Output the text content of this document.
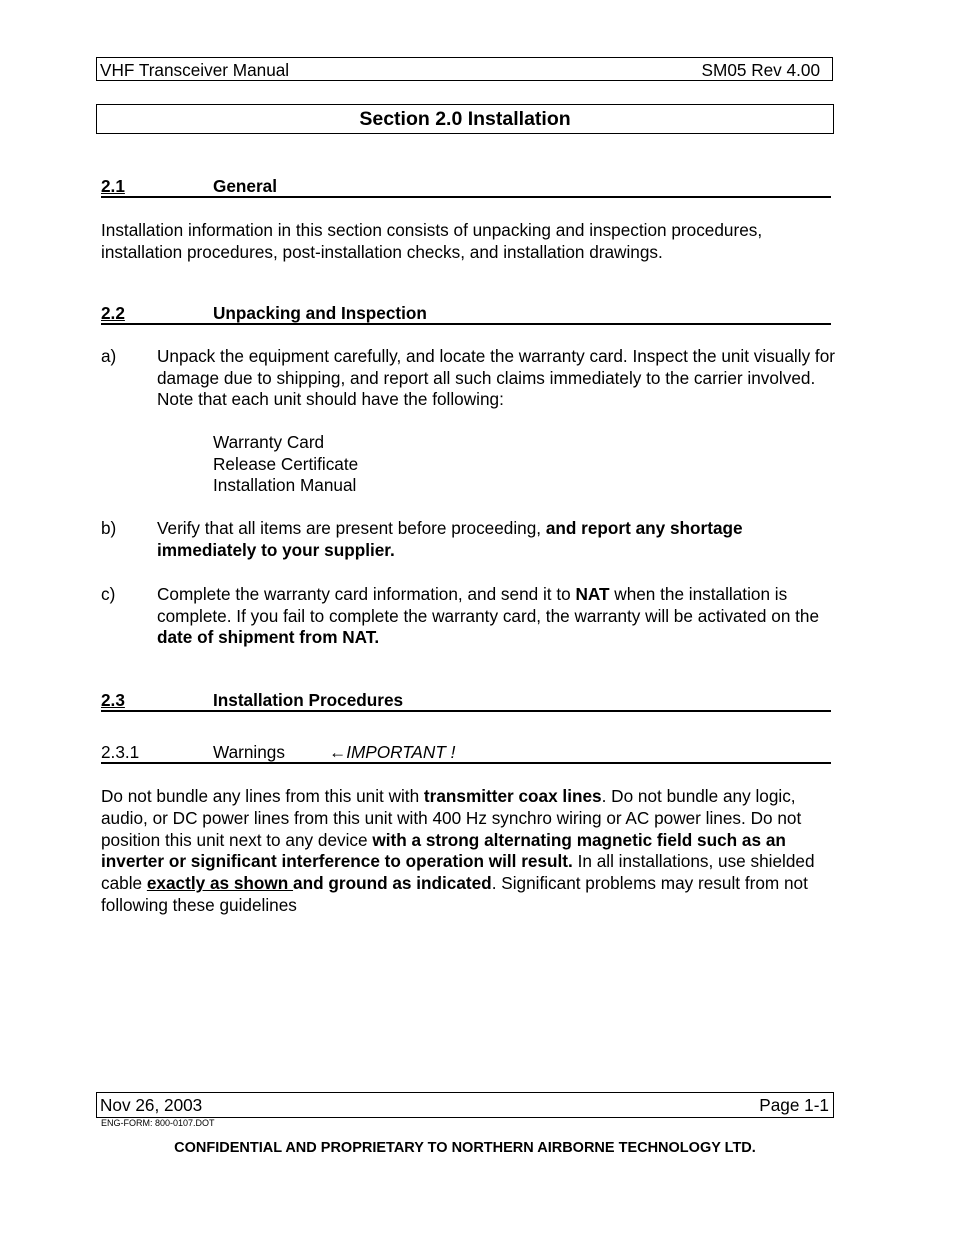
VHF Transceiver Manual	SM05 Rev 4.00
Section 2.0 Installation
2.1	General
Installation information in this section consists of unpacking and inspection procedures, installation procedures, post-installation checks, and installation drawings.
2.2	Unpacking and Inspection
a) Unpack the equipment carefully, and locate the warranty card. Inspect the unit visually for damage due to shipping, and report all such claims immediately to the carrier involved. Note that each unit should have the following:
Warranty Card
Release Certificate
Installation Manual
b) Verify that all items are present before proceeding, and report any shortage immediately to your supplier.
c) Complete the warranty card information, and send it to NAT when the installation is complete. If you fail to complete the warranty card, the warranty will be activated on the date of shipment from NAT.
2.3	Installation Procedures
2.3.1	Warnings	←IMPORTANT !
Do not bundle any lines from this unit with transmitter coax lines. Do not bundle any logic, audio, or DC power lines from this unit with 400 Hz synchro wiring or AC power lines. Do not position this unit next to any device with a strong alternating magnetic field such as an inverter or significant interference to operation will result. In all installations, use shielded cable exactly as shown and ground as indicated. Significant problems may result from not following these guidelines
Nov 26, 2003	Page 1-1
ENG-FORM: 800-0107.DOT
CONFIDENTIAL AND PROPRIETARY TO NORTHERN AIRBORNE TECHNOLOGY LTD.
